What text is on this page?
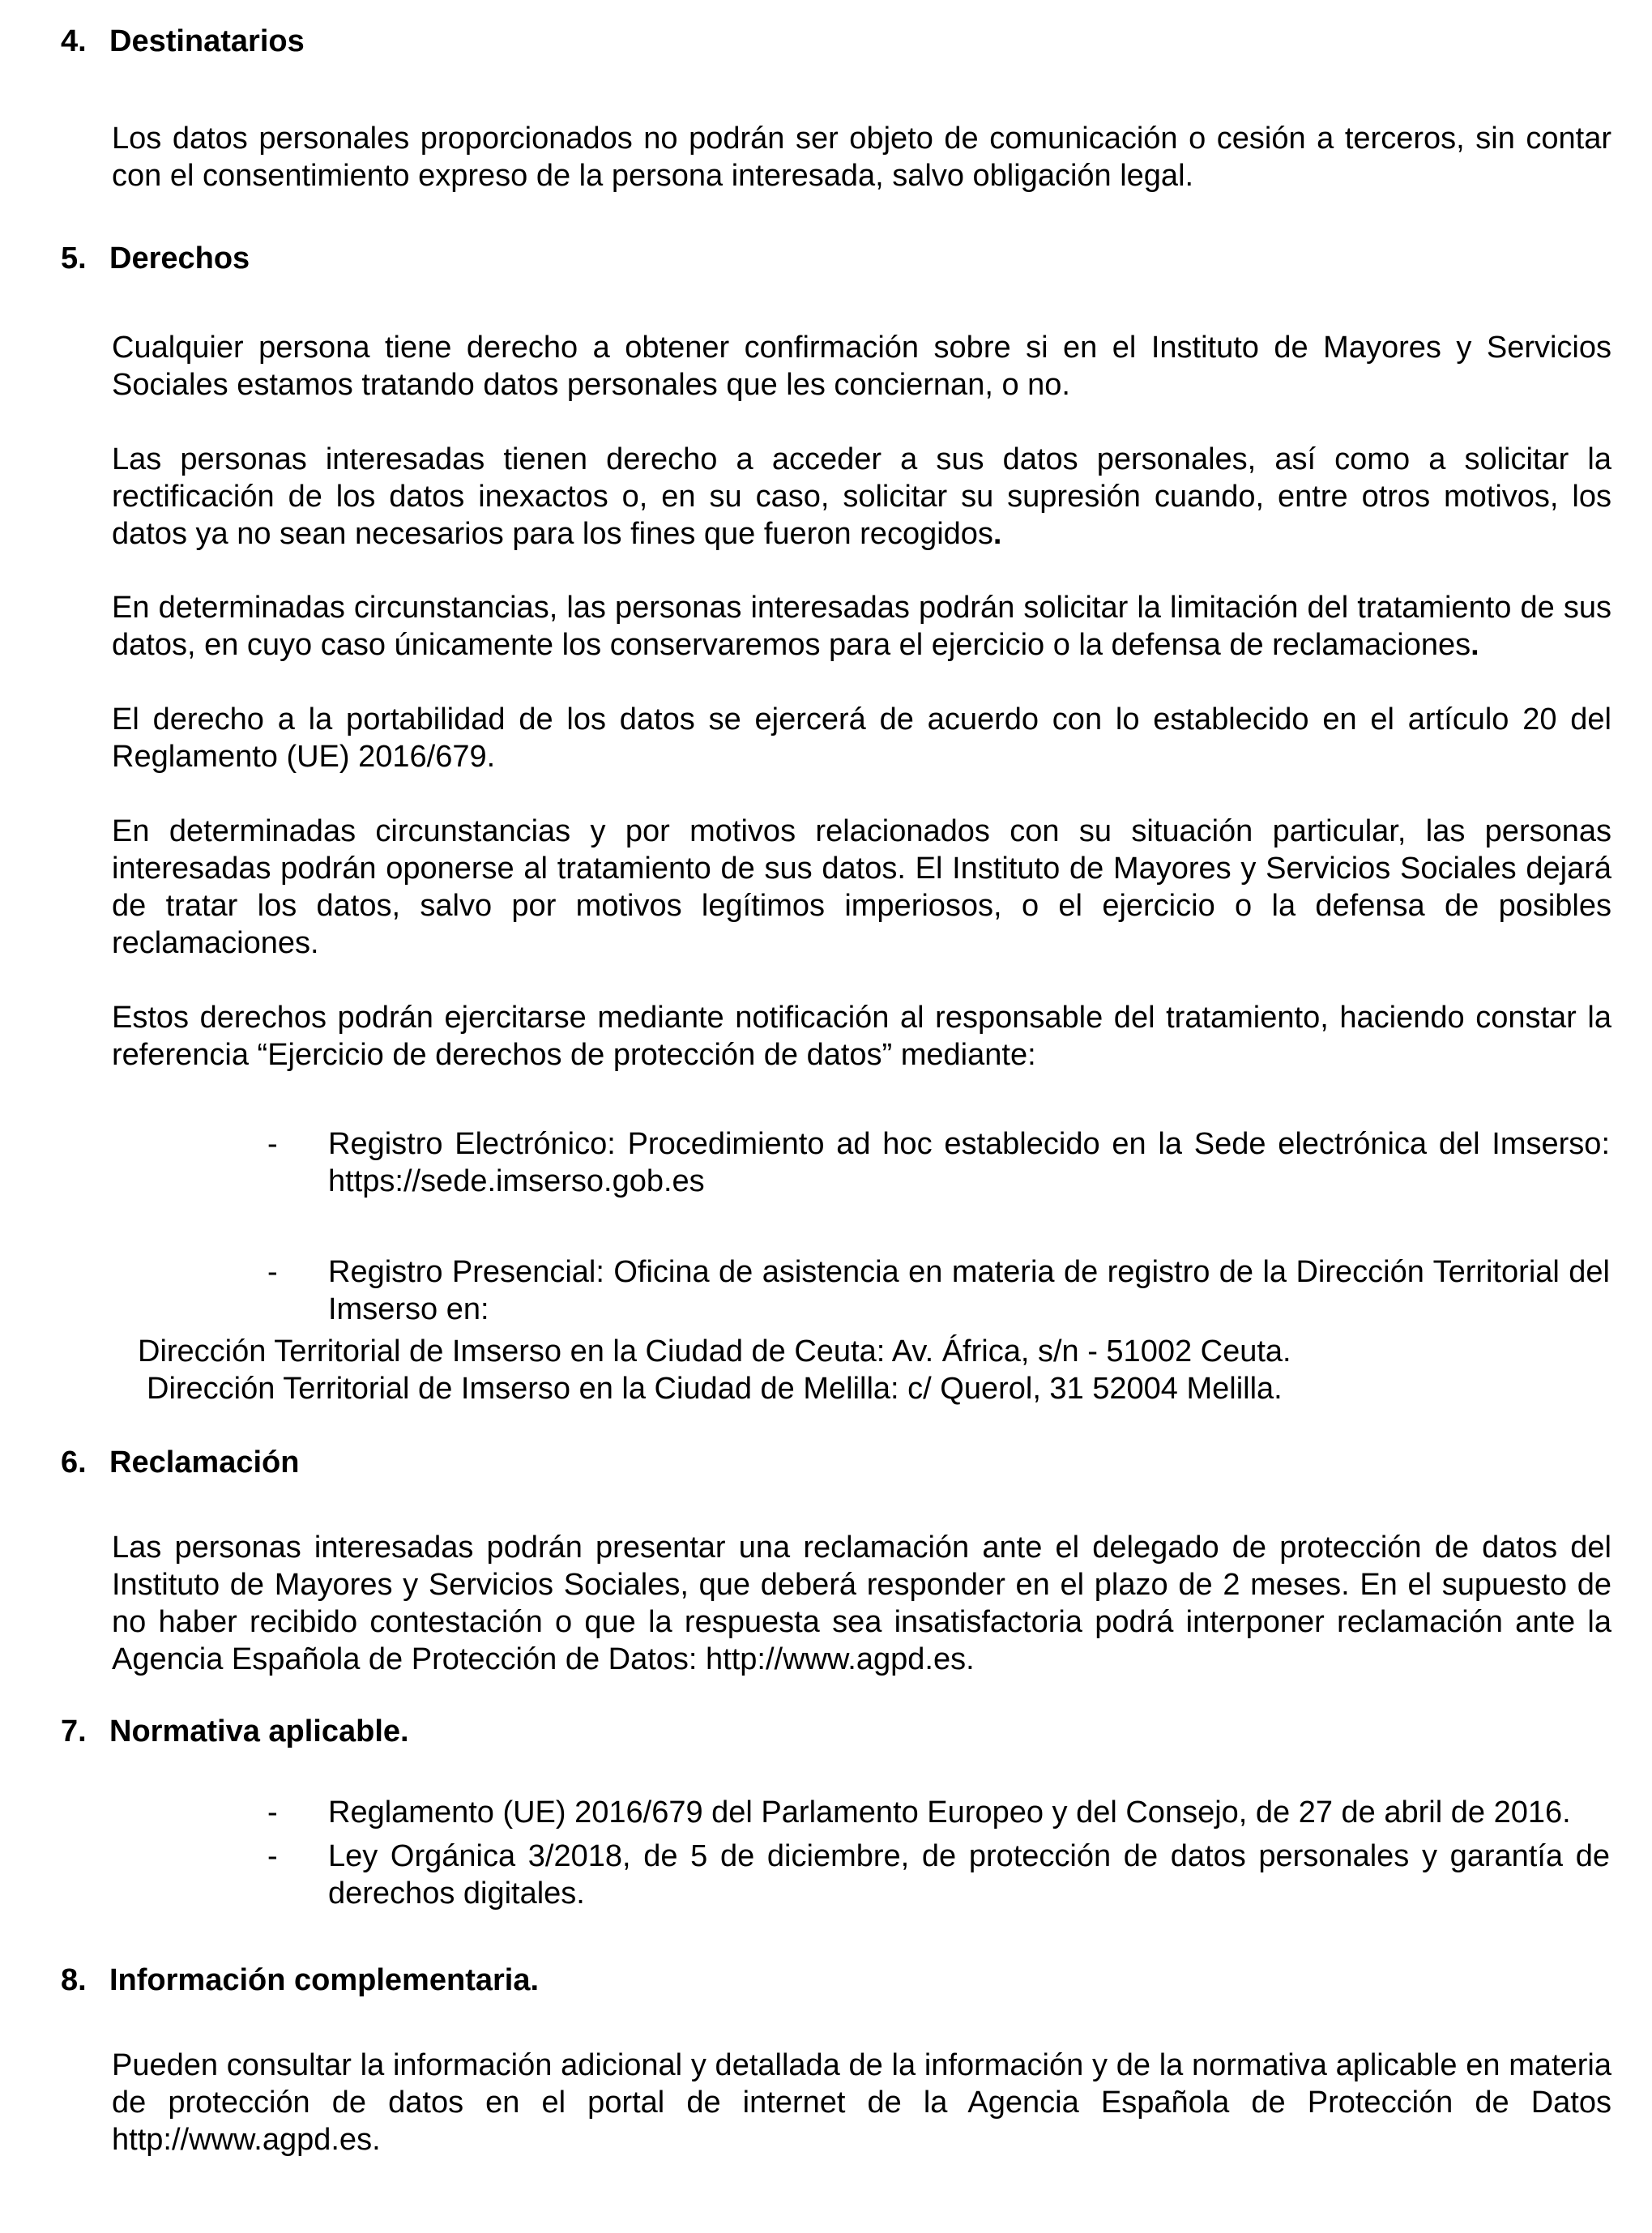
4. Destinatarios

Los datos personales proporcionados no podrán ser objeto de comunicación o cesión a terceros, sin contar con el consentimiento expreso de la persona interesada, salvo obligación legal.

5. Derechos

Cualquier persona tiene derecho a obtener confirmación sobre si en el Instituto de Mayores y Servicios Sociales estamos tratando datos personales que les conciernan, o no.

Las personas interesadas tienen derecho a acceder a sus datos personales, así como a solicitar la rectificación de los datos inexactos o, en su caso, solicitar su supresión cuando, entre otros motivos, los datos ya no sean necesarios para los fines que fueron recogidos.

En determinadas circunstancias, las personas interesadas podrán solicitar la limitación del tratamiento de sus datos, en cuyo caso únicamente los conservaremos para el ejercicio o la defensa de reclamaciones.

El derecho a la portabilidad de los datos se ejercerá de acuerdo con lo establecido en el artículo 20 del Reglamento (UE) 2016/679.

En determinadas circunstancias y por motivos relacionados con su situación particular, las personas interesadas podrán oponerse al tratamiento de sus datos. El Instituto de Mayores y Servicios Sociales dejará de tratar los datos, salvo por motivos legítimos imperiosos, o el ejercicio o la defensa de posibles reclamaciones.

Estos derechos podrán ejercitarse mediante notificación al responsable del tratamiento, haciendo constar la referencia “Ejercicio de derechos de protección de datos” mediante:

- Registro Electrónico: Procedimiento ad hoc establecido en la Sede electrónica del Imserso: https://sede.imserso.gob.es
- Registro Presencial: Oficina de asistencia en materia de registro de la Dirección Territorial del Imserso en:
Dirección Territorial de Imserso en la Ciudad de Ceuta: Av. África, s/n - 51002 Ceuta.
Dirección Territorial de Imserso en la Ciudad de Melilla: c/ Querol, 31 52004 Melilla.
6. Reclamación

Las personas interesadas podrán presentar una reclamación ante el delegado de protección de datos del Instituto de Mayores y Servicios Sociales, que deberá responder en el plazo de 2 meses. En el supuesto de no haber recibido contestación o que la respuesta sea insatisfactoria podrá interponer reclamación ante la Agencia Española de Protección de Datos: http://www.agpd.es.

7. Normativa aplicable.
- Reglamento (UE) 2016/679 del Parlamento Europeo y del Consejo, de 27 de abril de 2016.
- Ley Orgánica 3/2018, de 5 de diciembre, de protección de datos personales y garantía de derechos digitales.
8. Información complementaria.

Pueden consultar la información adicional y detallada de la información y de la normativa aplicable en materia de protección de datos en el portal de internet de la Agencia Española de Protección de Datos http://www.agpd.es.
